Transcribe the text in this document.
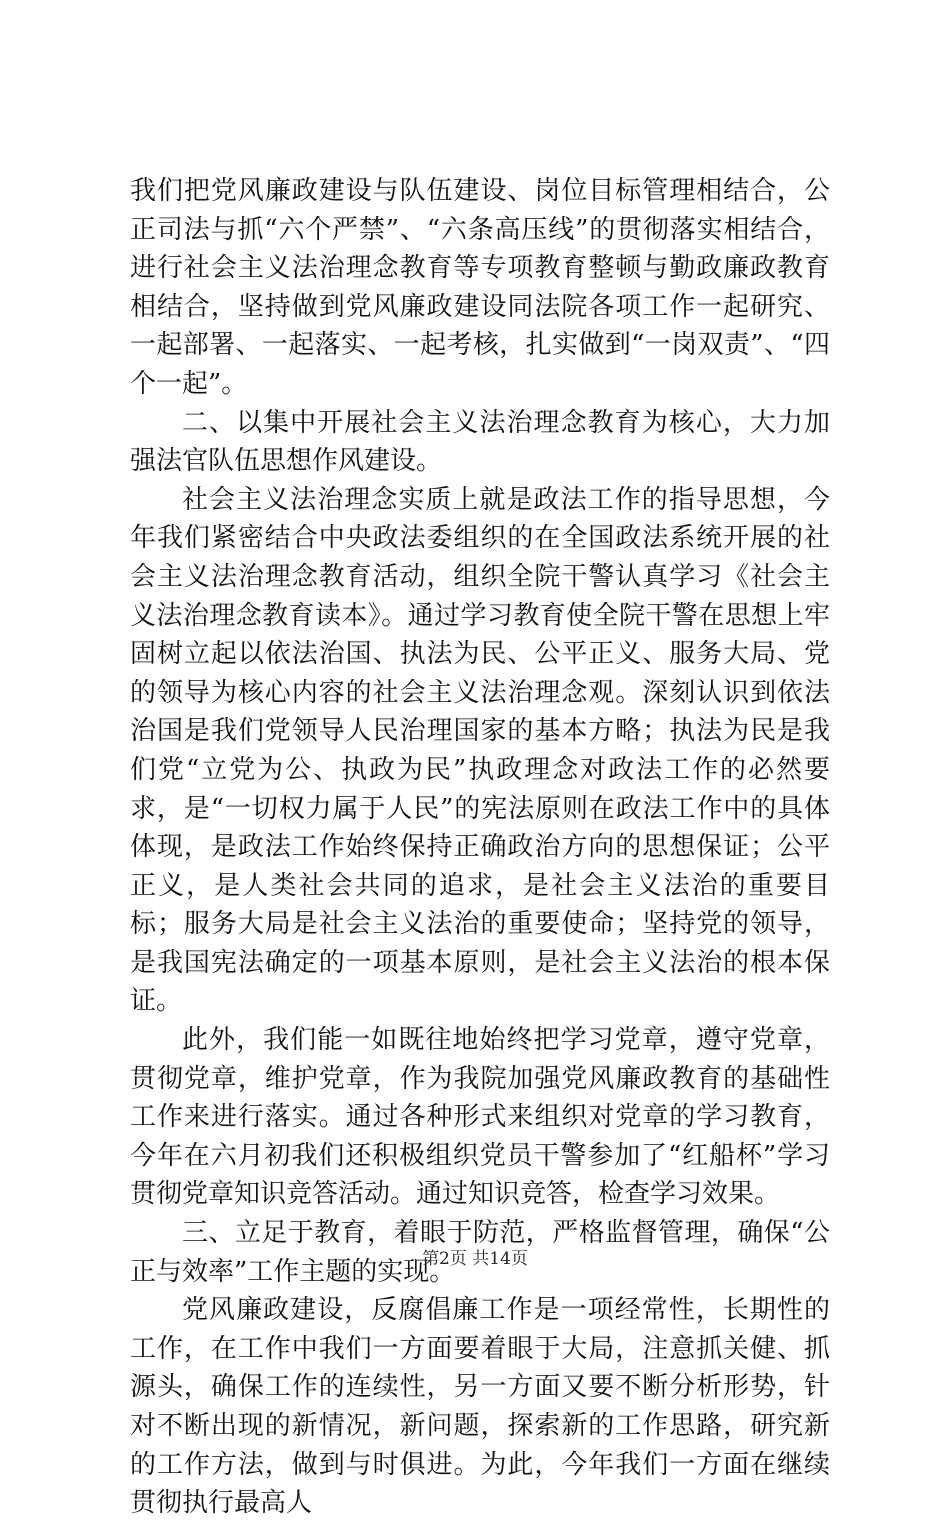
我们把党风廉政建设与队伍建设、岗位目标管理相结合，公正司法与抓“六个严禁”、“六条高压线”的贯彻落实相结合，进行社会主义法治理念教育等专项教育整顿与勤政廉政教育相结合，坚持做到党风廉政建设同法院各项工作一起研究、一起部署、一起落实、一起考核，扎实做到“一岗双责”、“四个一起”。

二、以集中开展社会主义法治理念教育为核心，大力加强法官队伍思想作风建设。

社会主义法治理念实质上就是政法工作的指导思想，今年我们紧密结合中央政法委组织的在全国政法系统开展的社会主义法治理念教育活动，组织全院干警认真学习《社会主义法治理念教育读本》。通过学习教育使全院干警在思想上牢固树立起以依法治国、执法为民、公平正义、服务大局、党的领导为核心内容的社会主义法治理念观。深刻认识到依法治国是我们党领导人民治理国家的基本方略；执法为民是我们党“立党为公、执政为民”执政理念对政法工作的必然要求，是“一切权力属于人民”的宪法原则在政法工作中的具体体现，是政法工作始终保持正确政治方向的思想保证；公平正义，是人类社会共同的追求，是社会主义法治的重要目标；服务大局是社会主义法治的重要使命；坚持党的领导，是我国宪法确定的一项基本原则，是社会主义法治的根本保证。

此外，我们能一如既往地始终把学习党章，遵守党章，贯彻党章，维护党章，作为我院加强党风廉政教育的基础性工作来进行落实。通过各种形式来组织对党章的学习教育，今年在六月初我们还积极组织党员干警参加了“红船杯”学习贯彻党章知识竞答活动。通过知识竞答，检查学习效果。

三、立足于教育，着眼于防范，严格监督管理，确保“公正与效率”工作主题的实现。

党风廉政建设，反腐倡廉工作是一项经常性，长期性的工作，在工作中我们一方面要着眼于大局，注意抓关健、抓源头，确保工作的连续性，另一方面又要不断分析形势，针对不断出现的新情况，新问题，探索新的工作思路，研究新的工作方法，做到与时俱进。为此，今年我们一方面在继续贯彻执行最高人

第2页 共14页
